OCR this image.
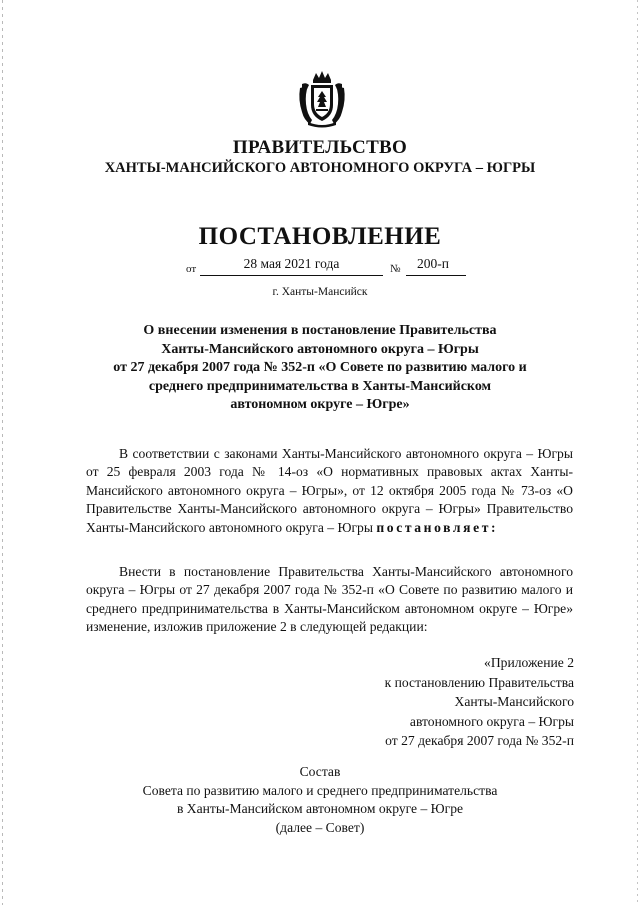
ПРАВИТЕЛЬСТВО
ХАНТЫ-МАНСИЙСКОГО АВТОНОМНОГО ОКРУГА – ЮГРЫ
ПОСТАНОВЛЕНИЕ
от	28 мая 2021 года	№	200-п
г. Ханты-Мансийск
О внесении изменения в постановление Правительства
Ханты-Мансийского автономного округа – Югры
от 27 декабря 2007 года № 352-п «О Совете по развитию малого и
среднего предпринимательства в Ханты-Мансийском
автономном округе – Югре»
В соответствии с законами Ханты-Мансийского автономного округа – Югры от 25 февраля 2003 года № 14-оз «О нормативных правовых актах Ханты-Мансийского автономного округа – Югры», от 12 октября 2005 года № 73-оз «О Правительстве Ханты-Мансийского автономного округа – Югры» Правительство Ханты-Мансийского автономного округа – Югры постановляет:
Внести в постановление Правительства Ханты-Мансийского автономного округа – Югры от 27 декабря 2007 года № 352-п «О Совете по развитию малого и среднего предпринимательства в Ханты-Мансийском автономном округе – Югре» изменение, изложив приложение 2 в следующей редакции:
«Приложение 2
к постановлению Правительства
Ханты-Мансийского
автономного округа – Югры
от 27 декабря 2007 года № 352-п
Состав
Совета по развитию малого и среднего предпринимательства
в Ханты-Мансийском автономном округе – Югре
(далее – Совет)
